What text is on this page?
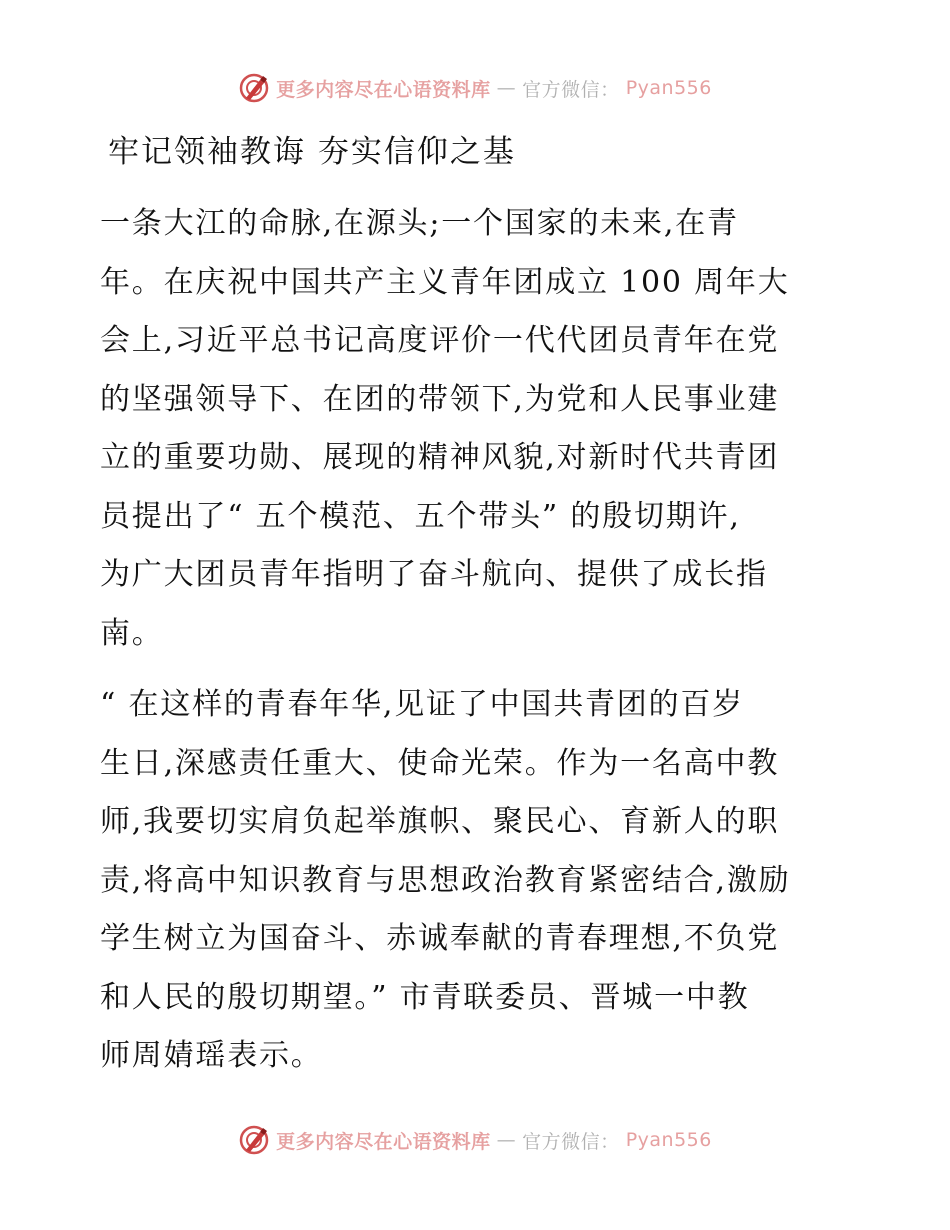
更多内容尽在心语资料库 — 官方微信： Pyan556
牢记领袖教诲 夯实信仰之基

一条大江的命脉,在源头;一个国家的未来,在青
年。在庆祝中国共产主义青年团成立 100 周年大
会上,习近平总书记高度评价一代代团员青年在党
的坚强领导下、在团的带领下,为党和人民事业建
立的重要功勋、展现的精神风貌,对新时代共青团
员提出了“ 五个模范、五个带头” 的殷切期许,
为广大团员青年指明了奋斗航向、提供了成长指
南。

“ 在这样的青春年华,见证了中国共青团的百岁
生日,深感责任重大、使命光荣。作为一名高中教
师,我要切实肩负起举旗帜、聚民心、育新人的职
责,将高中知识教育与思想政治教育紧密结合,激励
学生树立为国奋斗、赤诚奉献的青春理想,不负党
和人民的殷切期望。” 市青联委员、晋城一中教
师周婧瑶表示。

更多内容尽在心语资料库 — 官方微信： Pyan556
